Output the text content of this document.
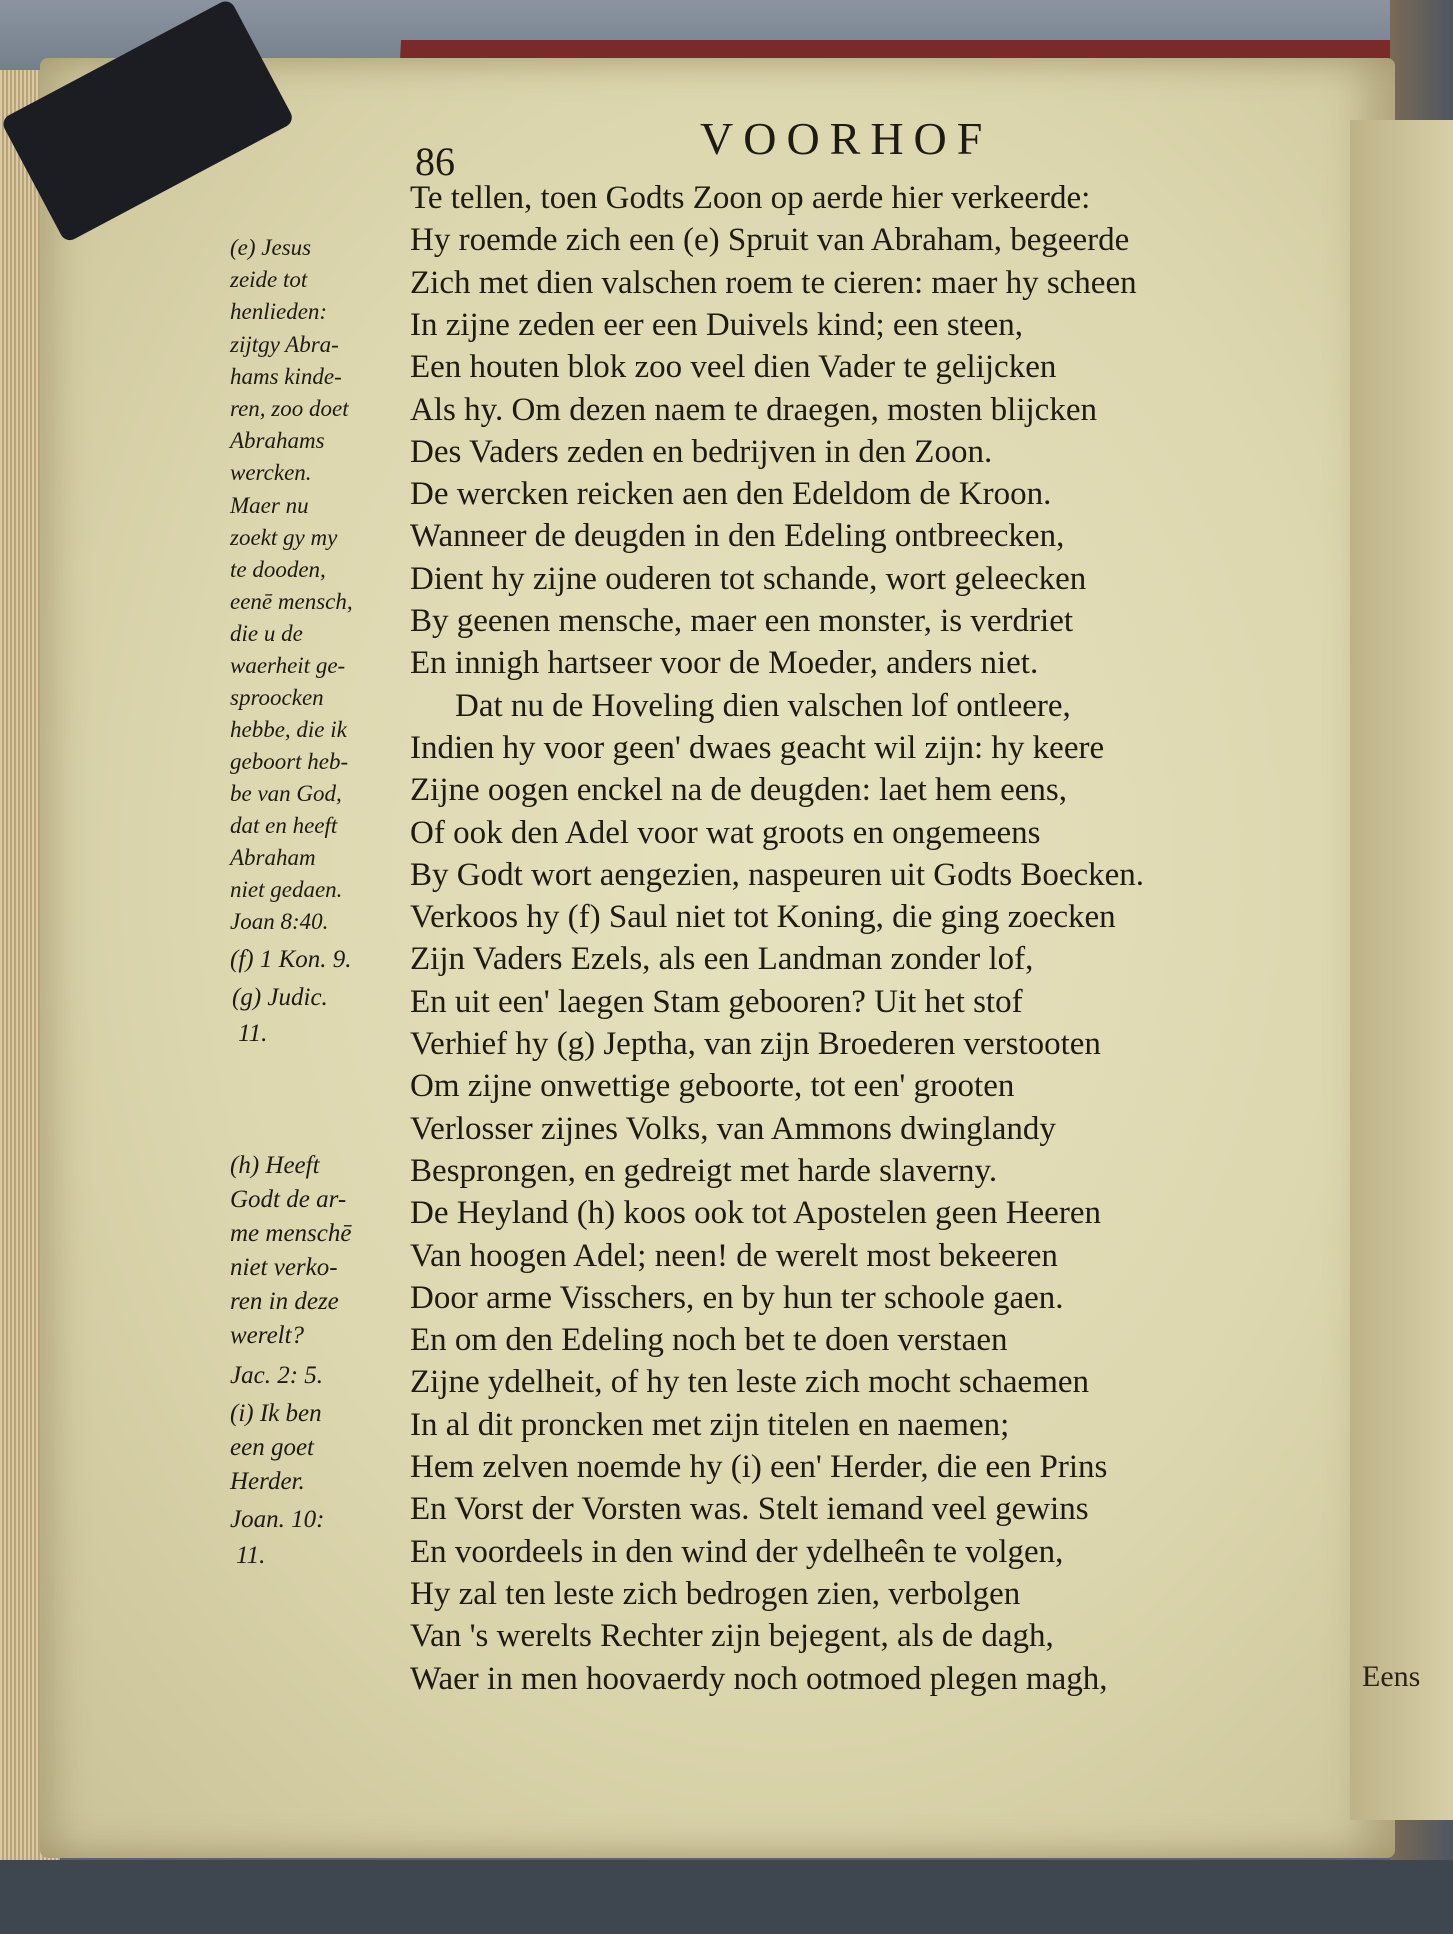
86	VOORHOF
Te tellen, toen Godts Zoon op aerde hier verkeerde:
Hy roemde zich een (e) Spruit van Abraham, begeerde
Zich met dien valschen roem te cieren: maer hy scheen
In zijne zeden eer een Duivels kind; een steen,
Een houten blok zoo veel dien Vader te gelijcken
Als hy. Om dezen naem te draegen, mosten blijcken
Des Vaders zeden en bedrijven in den Zoon.
De wercken reicken aen den Edeldom de Kroon.
Wanneer de deugden in den Edeling ontbreecken,
Dient hy zijne ouderen tot schande, wort geleecken
By geenen mensche, maer een monster, is verdriet
En innigh hartseer voor de Moeder, anders niet.
Dat nu de Hoveling dien valschen lof ontleere,
Indien hy voor geen' dwaes geacht wil zijn: hy keere
Zijne oogen enckel na de deugden: laet hem eens,
Of ook den Adel voor wat groots en ongemeens
By Godt wort aengezien, naspeuren uit Godts Boecken.
Verkoos hy (f) Saul niet tot Koning, die ging zoecken
Zijn Vaders Ezels, als een Landman zonder lof,
En uit een' laegen Stam gebooren? Uit het stof
Verhief hy (g) Jeptha, van zijn Broederen verstooten
Om zijne onwettige geboorte, tot een' grooten
Verlosser zijnes Volks, van Ammons dwinglandy
Besprongen, en gedreigt met harde slaverny.
De Heyland (h) koos ook tot Apostelen geen Heeren
Van hoogen Adel; neen! de werelt most bekeeren
Door arme Visschers, en by hun ter schoole gaen.
En om den Edeling noch bet te doen verstaen
Zijne ydelheit, of hy ten leste zich mocht schaemen
In al dit proncken met zijn titelen en naemen;
Hem zelven noemde hy (i) een' Herder, die een Prins
En Vorst der Vorsten was. Stelt iemand veel gewins
En voordeels in den wind der ydelheên te volgen,
Hy zal ten leste zich bedrogen zien, verbolgen
Van 's werelts Rechter zijn bejegent, als de dagh,
Waer in men hoovaerdy noch ootmoed plegen magh,
(e) Jesus
zeide tot
henlieden:
zijtgy Abra-
hams kinde-
ren, zoo doet
Abrahams
wercken.
Maer nu
zoekt gy my
te dooden,
eenē mensch,
die u de
waerheit ge-
sproocken
hebbe, die ik
geboort heb-
be van God,
dat en heeft
Abraham
niet gedaen.
Joan 8:40.
(f) 1 Kon. 9.
(g) Judic.
11.
(h) Heeft
Godt de ar-
me menschē
niet verko-
ren in deze
werelt?
Jac. 2: 5.
(i) Ik ben
een goet
Herder.
Joan. 10:
11.
Eens
